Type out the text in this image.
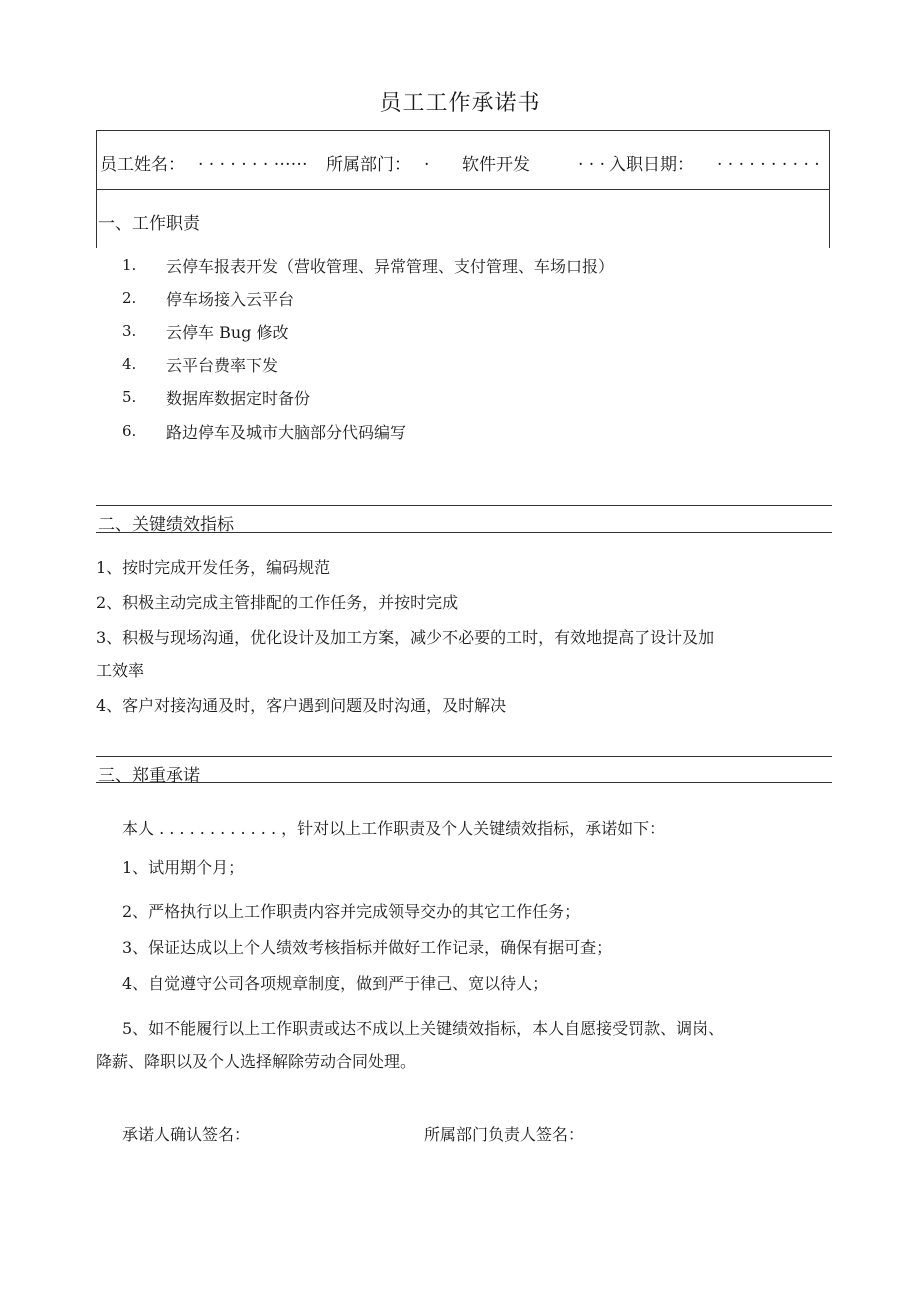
员工工作承诺书
员工姓名： . . . . . . . …… 所属部门： . 软件开发	. . . 入职日期： . . . . . . . . . .
一、工作职责
1. 云停车报表开发（营收管理、异常管理、支付管理、车场口报）
2. 停车场接入云平台
3. 云停车 Bug 修改
4. 云平台费率下发
5. 数据库数据定时备份
6. 路边停车及城市大脑部分代码编写
二、关键绩效指标
1、按时完成开发任务，编码规范
2、积极主动完成主管排配的工作任务，并按时完成
3、积极与现场沟通，优化设计及加工方案，减少不必要的工时，有效地提高了设计及加
工效率
4、客户对接沟通及时，客户遇到问题及时沟通，及时解决
三、郑重承诺
本人 . . . . . . . . . . . . ，针对以上工作职责及个人关键绩效指标，承诺如下：
1、试用期个月；
2、严格执行以上工作职责内容并完成领导交办的其它工作任务；
3、保证达成以上个人绩效考核指标并做好工作记录，确保有据可查；
4、自觉遵守公司各项规章制度，做到严于律己、宽以待人；
5、如不能履行以上工作职责或达不成以上关键绩效指标，本人自愿接受罚款、调岗、
降薪、降职以及个人选择解除劳动合同处理。
承诺人确认签名：	所属部门负责人签名：
